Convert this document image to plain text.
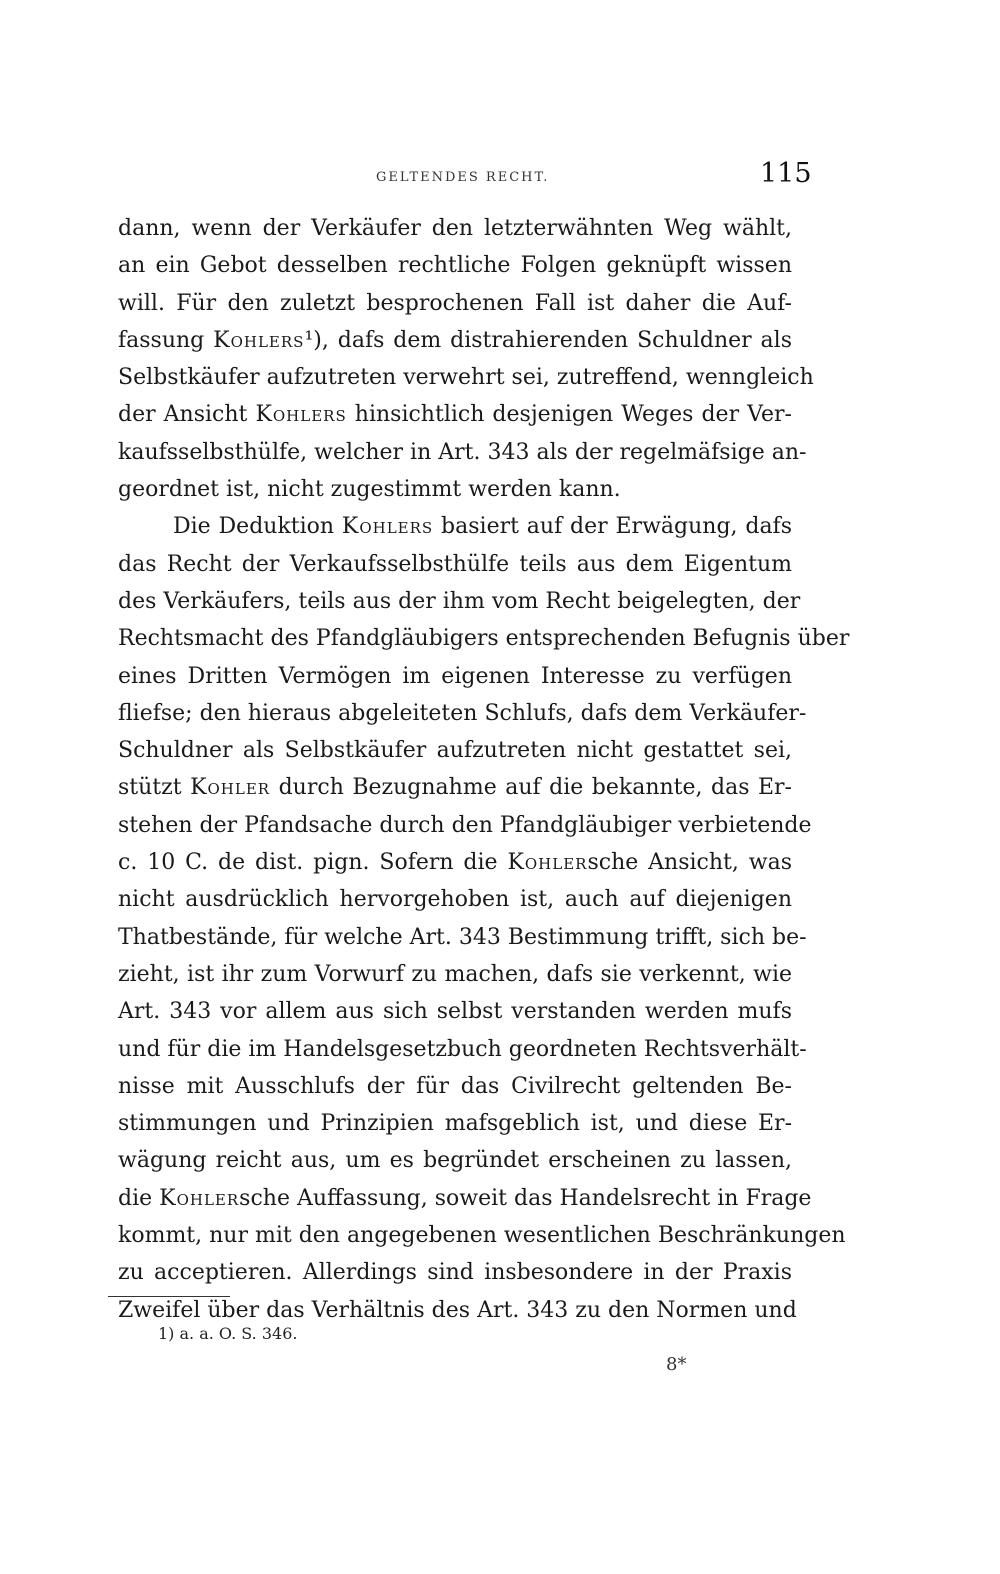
GELTENDES RECHT.	115
dann, wenn der Verkäufer den letzterwähnten Weg wählt,
an ein Gebot desselben rechtliche Folgen geknüpft wissen
will. Für den zuletzt besprochenen Fall ist daher die Auf-
fassung Kohlers¹), dafs dem distrahierenden Schuldner als
Selbstkäufer aufzutreten verwehrt sei, zutreffend, wenngleich
der Ansicht Kohlers hinsichtlich desjenigen Weges der Ver-
kaufsselbsthülfe, welcher in Art. 343 als der regelmäfsige an-
geordnet ist, nicht zugestimmt werden kann.
Die Deduktion Kohlers basiert auf der Erwägung, dafs
das Recht der Verkaufsselbsthülfe teils aus dem Eigentum
des Verkäufers, teils aus der ihm vom Recht beigelegten, der
Rechtsmacht des Pfandgläubigers entsprechenden Befugnis über
eines Dritten Vermögen im eigenen Interesse zu verfügen
fliefse; den hieraus abgeleiteten Schlufs, dafs dem Verkäufer-
Schuldner als Selbstkäufer aufzutreten nicht gestattet sei,
stützt Kohler durch Bezugnahme auf die bekannte, das Er-
stehen der Pfandsache durch den Pfandgläubiger verbietende
c. 10 C. de dist. pign. Sofern die Kohlersche Ansicht, was
nicht ausdrücklich hervorgehoben ist, auch auf diejenigen
Thatbestände, für welche Art. 343 Bestimmung trifft, sich be-
zieht, ist ihr zum Vorwurf zu machen, dafs sie verkennt, wie
Art. 343 vor allem aus sich selbst verstanden werden mufs
und für die im Handelsgesetzbuch geordneten Rechtsverhält-
nisse mit Ausschlufs der für das Civilrecht geltenden Be-
stimmungen und Prinzipien mafsgeblich ist, und diese Er-
wägung reicht aus, um es begründet erscheinen zu lassen,
die Kohlersche Auffassung, soweit das Handelsrecht in Frage
kommt, nur mit den angegebenen wesentlichen Beschränkungen
zu acceptieren. Allerdings sind insbesondere in der Praxis
Zweifel über das Verhältnis des Art. 343 zu den Normen und
1) a. a. O. S. 346.
8*
